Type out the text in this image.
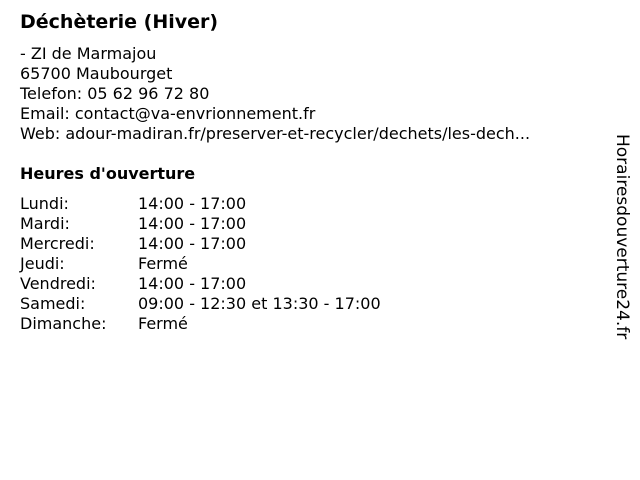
Déchèterie (Hiver)
- ZI de Marmajou
65700 Maubourget
Telefon: 05 62 96 72 80
Email: contact@va-envrionnement.fr
Web: adour-madiran.fr/preserver-et-recycler/dechets/les-dech...
Heures d'ouverture
Lundi:	14:00 - 17:00
Mardi:	14:00 - 17:00
Mercredi:	14:00 - 17:00
Jeudi:	Fermé
Vendredi:	14:00 - 17:00
Samedi:	09:00 - 12:30 et 13:30 - 17:00
Dimanche: Fermé	Horairesdouverture24.fr
